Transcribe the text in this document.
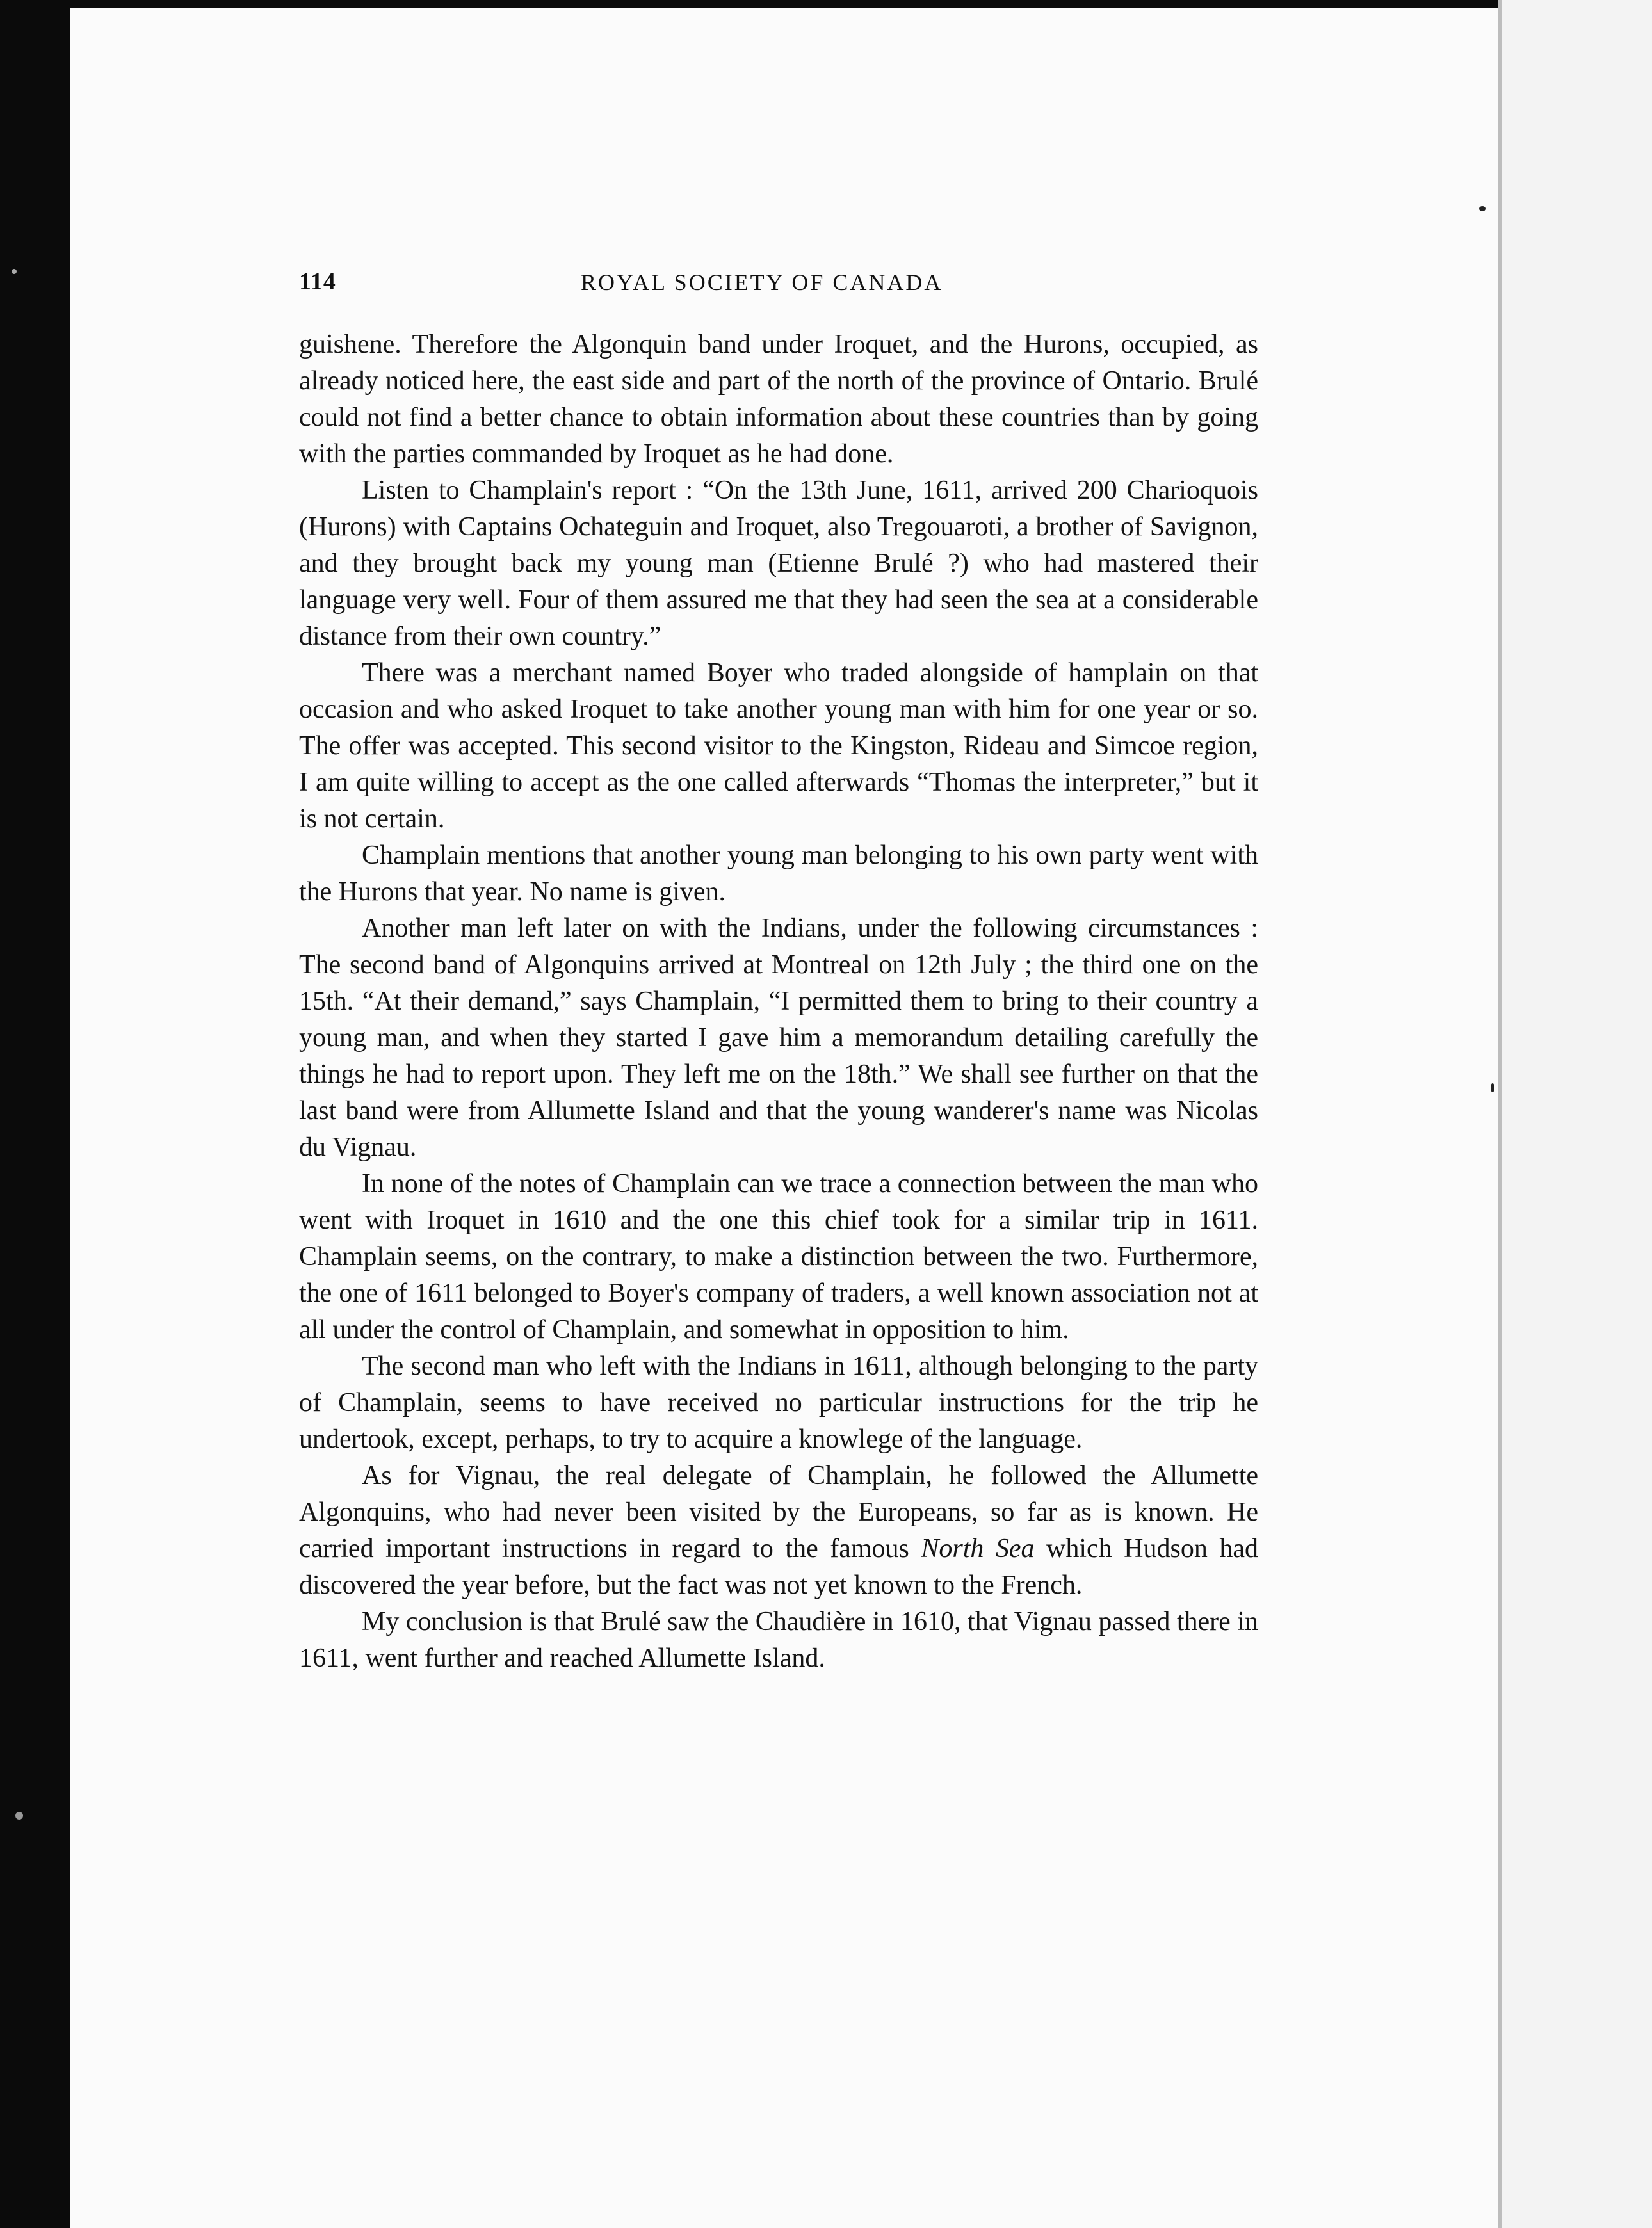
114	ROYAL SOCIETY OF CANADA

guishene. Therefore the Algonquin band under Iroquet, and the Hurons, occupied, as already noticed here, the east side and part of the north of the province of Ontario. Brulé could not find a better chance to obtain information about these countries than by going with the parties commanded by Iroquet as he had done.

Listen to Champlain's report : “On the 13th June, 1611, arrived 200 Charioquois (Hurons) with Captains Ochateguin and Iroquet, also Tregouaroti, a brother of Savignon, and they brought back my young man (Etienne Brulé ?) who had mastered their language very well. Four of them assured me that they had seen the sea at a considerable distance from their own country.”

There was a merchant named Boyer who traded alongside of hamplain on that occasion and who asked Iroquet to take another young man with him for one year or so. The offer was accepted. This second visitor to the Kingston, Rideau and Simcoe region, I am quite willing to accept as the one called afterwards “Thomas the interpreter,” but it is not certain.

Champlain mentions that another young man belonging to his own party went with the Hurons that year. No name is given.

Another man left later on with the Indians, under the following circumstances : The second band of Algonquins arrived at Montreal on 12th July ; the third one on the 15th. “At their demand,” says Champlain, “I permitted them to bring to their country a young man, and when they started I gave him a memorandum detailing carefully the things he had to report upon. They left me on the 18th.” We shall see further on that the last band were from Allumette Island and that the young wanderer's name was Nicolas du Vignau.

In none of the notes of Champlain can we trace a connection between the man who went with Iroquet in 1610 and the one this chief took for a similar trip in 1611. Champlain seems, on the contrary, to make a distinction between the two. Furthermore, the one of 1611 belonged to Boyer's company of traders, a well known association not at all under the control of Champlain, and somewhat in opposition to him.

The second man who left with the Indians in 1611, although belonging to the party of Champlain, seems to have received no particular instructions for the trip he undertook, except, perhaps, to try to acquire a knowlege of the language.

As for Vignau, the real delegate of Champlain, he followed the Allumette Algonquins, who had never been visited by the Europeans, so far as is known. He carried important instructions in regard to the famous North Sea which Hudson had discovered the year before, but the fact was not yet known to the French.

My conclusion is that Brulé saw the Chaudière in 1610, that Vignau passed there in 1611, went further and reached Allumette Island.
